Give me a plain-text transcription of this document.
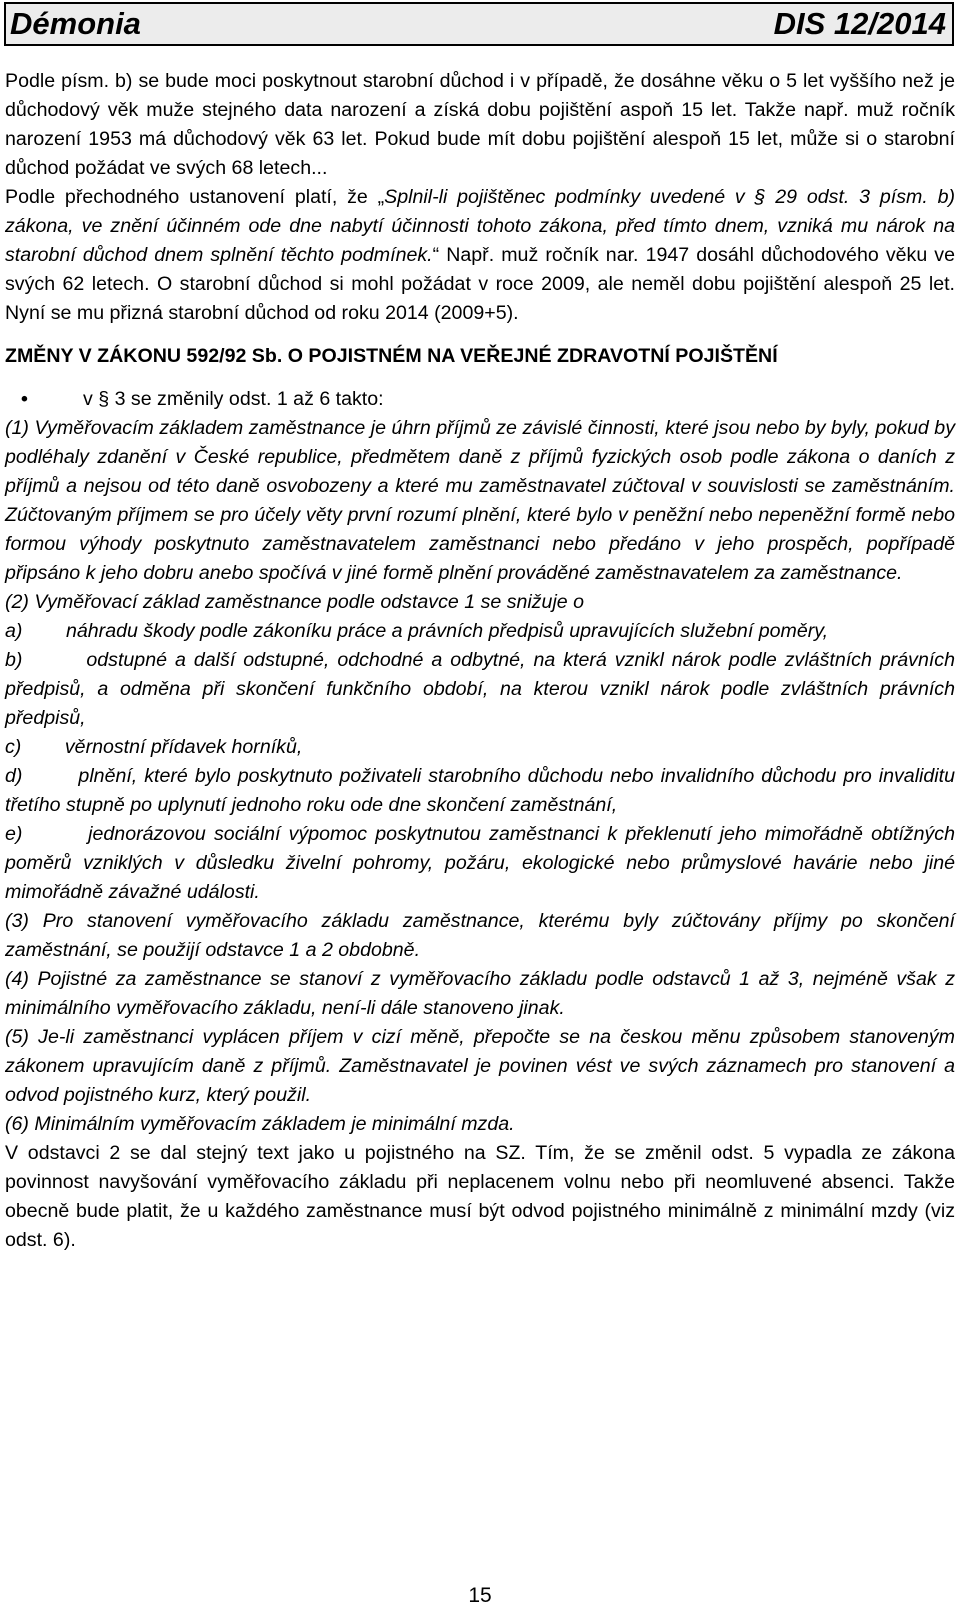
Démonia	DIS 12/2014

Podle písm. b) se bude moci poskytnout starobní důchod i v případě, že dosáhne věku o 5 let vyššího než je důchodový věk muže stejného data narození a získá dobu pojištění aspoň 15 let. Takže např. muž ročník narození 1953 má důchodový věk 63 let. Pokud bude mít dobu pojištění alespoň 15 let, může si o starobní důchod požádat ve svých 68 letech...

Podle přechodného ustanovení platí, že „Splnil-li pojištěnec podmínky uvedené v § 29 odst. 3 písm. b) zákona, ve znění účinném ode dne nabytí účinnosti tohoto zákona, před tímto dnem, vzniká mu nárok na starobní důchod dnem splnění těchto podmínek.“ Např. muž ročník nar. 1947 dosáhl důchodového věku ve svých 62 letech. O starobní důchod si mohl požádat v roce 2009, ale neměl dobu pojištění alespoň 25 let. Nyní se mu přizná starobní důchod od roku 2014 (2009+5).

ZMĚNY V ZÁKONU 592/92 Sb. O POJISTNÉM NA VEŘEJNÉ ZDRAVOTNÍ POJIŠTĚNÍ

•	v § 3 se změnily odst. 1 až 6 takto:

(1) Vyměřovacím základem zaměstnance je úhrn příjmů ze závislé činnosti, které jsou nebo by byly, pokud by podléhaly zdanění v České republice, předmětem daně z příjmů fyzických osob podle zákona o daních z příjmů a nejsou od této daně osvobozeny a které mu zaměstnavatel zúčtoval v souvislosti se zaměstnáním. Zúčtovaným příjmem se pro účely věty první rozumí plnění, které bylo v peněžní nebo nepeněžní formě nebo formou výhody poskytnuto zaměstnavatelem zaměstnanci nebo předáno v jeho prospěch, popřípadě připsáno k jeho dobru anebo spočívá v jiné formě plnění prováděné zaměstnavatelem za zaměstnance.

(2) Vyměřovací základ zaměstnance podle odstavce 1 se snižuje o

a)        náhradu škody podle zákoníku práce a právních předpisů upravujících služební poměry,

b)        odstupné a další odstupné, odchodné a odbytné, na která vznikl nárok podle zvláštních právních předpisů, a odměna při skončení funkčního období, na kterou vznikl nárok podle zvláštních právních předpisů,

c)        věrnostní přídavek horníků,

d)        plnění, které bylo poskytnuto poživateli starobního důchodu nebo invalidního důchodu pro invaliditu třetího stupně po uplynutí jednoho roku ode dne skončení zaměstnání,

e)        jednorázovou sociální výpomoc poskytnutou zaměstnanci k překlenutí jeho mimořádně obtížných poměrů vzniklých v důsledku živelní pohromy, požáru, ekologické nebo průmyslové havárie nebo jiné mimořádně závažné události.

(3) Pro stanovení vyměřovacího základu zaměstnance, kterému byly zúčtovány příjmy po skončení zaměstnání, se použijí odstavce 1 a 2 obdobně.

(4) Pojistné za zaměstnance se stanoví z vyměřovacího základu podle odstavců 1 až 3, nejméně však z minimálního vyměřovacího základu, není-li dále stanoveno jinak.

(5) Je-li zaměstnanci vyplácen příjem v cizí měně, přepočte se na českou měnu způsobem stanoveným zákonem upravujícím daně z příjmů. Zaměstnavatel je povinen vést ve svých záznamech pro stanovení a odvod pojistného kurz, který použil.

(6) Minimálním vyměřovacím základem je minimální mzda.

V odstavci 2 se dal stejný text jako u pojistného na SZ. Tím, že se změnil odst. 5 vypadla ze zákona povinnost navyšování vyměřovacího základu při neplacenem volnu nebo při neomluvené absenci. Takže obecně bude platit, že u každého zaměstnance musí být odvod pojistného minimálně z minimální mzdy (viz odst. 6).

15
